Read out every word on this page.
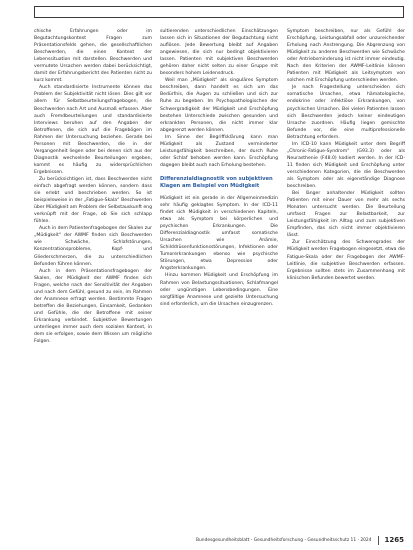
chische Erfahrungen oder im Begutachtungskontext Fragen zum Präsentationsfelds gehen, die gesellschaftlichen Beschwerden, die einen Kontext der Lebenssituation mit darstellen. Beschwerden und vermutete Ursachen werden dabei berücksichtigt, damit der Erfahrungsbericht des Patienten nicht zu kurz kommt.

Auch standardisierte Instrumente können das Problem der Subjektivität nicht lösen. Dies gilt vor allem für Selbstbeurteilungsfragebogen, die Beschwerden nach Art und Ausmaß erfassen. Aber auch Fremdbeurteilungen und standardisierte Interviews beruhen auf den Angaben der Betroffenen, die sich auf die Fragebögen im Rahmen der Untersuchung beziehen. Gerade bei Personen mit Beschwerden, die in der Vergangenheit liegen oder bei denen sich aus der Diagnostik wechselnde Beurteilungen ergeben, kommt es häufig zu widersprüchlichen Ergebnissen.

Zu berücksichtigen ist, dass Beschwerden nicht einfach abgefragt werden können, sondern dass sie erlebt und beschrieben werden. So ist beispielsweise in der „Fatigue-Skala“ Beschwerden über Müdigkeit am Problem der Selbstauskunft eng verknüpft mit der Frage, ob Sie sich schlapp fühlen.

Auch in dem Patientenfragebogen der Skalen zur „Müdigkeit“ der AWMF finden sich Beschwerden wie Schwäche, Schlafstörungen, Konzentrationsprobleme, Kopf- und Gliederschmerzen, die zu unterschiedlichen Befunden führen können.

Auch in dem Präsentationsfragebogen der Skalen, der Müdigkeit der AWMF finden sich Fragen, welche nach der Sensitivität der Angaben und nach dem Gefühl, gesund zu sein, im Rahmen der Anamnese erfragt werden. Bestimmte Fragen betreffen die Beziehungen, Einsamkeit, Gedanken und Gefühle, die der Betroffene mit seiner Erkrankung verbindet. Subjektive Bewertungen unterliegen immer auch dem sozialen Kontext, in dem sie erfolgen, sowie dem Wissen um mögliche Folgen.

sultierenden unterschiedlichen Einschätzungen lassen sich in Situationen der Begutachtung nicht auflösen. Jede Bewertung bleibt auf Angaben angewiesen, die sich nur bedingt objektivieren lassen. Patienten mit subjektiven Beschwerden gehören daher nicht selten zu einer Gruppe mit besonders hohem Leidensdruck.

Weil man „Müdigkeit“ als singuläres Symptom beschreiben, dann handelt es sich um das Bedürfnis, die Augen zu schließen und sich zur Ruhe zu begeben. Im Psychopathologischen der Schwergradigkeit der Müdigkeit und Erschöpfung bestehen Unterschiede zwischen gesunden und erkrankten Personen, die nicht immer klar abgegrenzt werden können.

Im Sinne der Begriffsklärung kann man Müdigkeit als Zustand verminderter Leistungsfähigkeit beschreiben, der durch Ruhe oder Schlaf behoben werden kann. Erschöpfung dagegen bleibt auch nach Erholung bestehen.

Differenzialdiagnostik von subjektiven Klagen am Beispiel von Müdigkeit

Müdigkeit ist ein gerade in der Allgemeinmedizin sehr häufig geklagtes Symptom. In der ICD-11 findet sich Müdigkeit in verschiedenen Kapiteln, etwa als Symptom bei körperlichen und psychischen Erkrankungen. Die Differenzialdiagnostik umfasst somatische Ursachen wie Anämie, Schilddrüsenfunktionsstörungen, Infektionen oder Tumorerkrankungen ebenso wie psychische Störungen, etwa Depression oder Angsterkrankungen.

Hinzu kommen Müdigkeit und Erschöpfung im Rahmen von Belastungssituationen, Schlafmangel oder ungünstigen Lebensbedingungen. Eine sorgfältige Anamnese und gezielte Untersuchung sind erforderlich, um die Ursachen einzugrenzen.

Symptom beschreiben, nur als Gefühl der Erschöpfung, Leistungsabfall oder unzureichender Erholung nach Anstrengung. Die Abgrenzung von Müdigkeit zu anderen Beschwerden wie Schwäche oder Antriebsminderung ist nicht immer eindeutig. Nach den Kriterien der AWMF-Leitlinie können Patienten mit Müdigkeit als Leitsymptom von solchen mit Erschöpfung unterschieden werden.

Je nach Fragestellung unterscheiden sich somatische Ursachen, etwa hämatologische, endokrine oder infektiöse Erkrankungen, von psychischen Ursachen. Bei vielen Patienten lassen sich Beschwerden jedoch keiner eindeutigen Ursache zuordnen. Häufig liegen gemischte Befunde vor, die eine multiprofessionelle Betrachtung erfordern.

Im ICD-10 kann Müdigkeit unter dem Begriff „Chronic-Fatigue-Syndrom“ (G93.3) oder als Neurasthenie (F48.0) kodiert werden. In der ICD-11 finden sich Müdigkeit und Erschöpfung unter verschiedenen Kategorien, die die Beschwerden als Symptom oder als eigenständige Diagnose beschreiben.

Bei länger anhaltender Müdigkeit sollten Patienten mit einer Dauer von mehr als sechs Monaten untersucht werden. Die Beurteilung umfasst Fragen zur Belastbarkeit, zur Leistungsfähigkeit im Alltag und zum subjektiven Empfinden, das sich nicht immer objektivieren lässt.

Zur Einschätzung des Schweregrades der Müdigkeit werden Fragebogen eingesetzt, etwa die Fatigue-Skala oder der Fragebogen der AWMF-Leitlinie, die subjektive Beschwerden erfassen. Ergebnisse sollten stets im Zusammenhang mit klinischen Befunden bewertet werden.

Bundesgesundheitsblatt - Gesundheitsforschung - Gesundheitsschutz 11 · 2024 1265
